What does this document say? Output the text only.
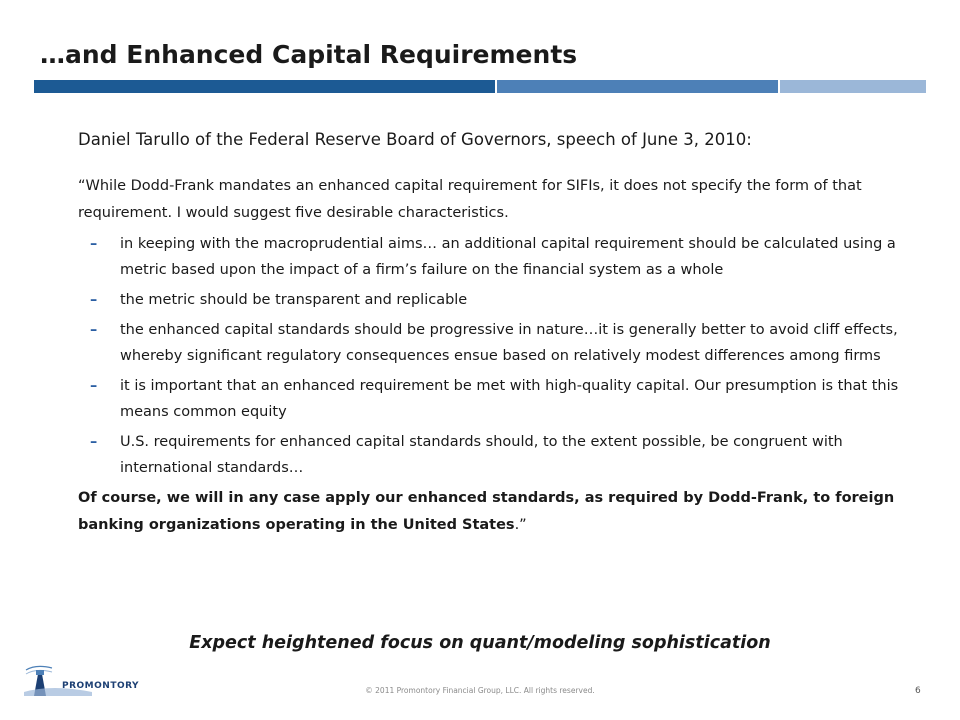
…and Enhanced Capital Requirements

Daniel Tarullo of the Federal Reserve Board of Governors, speech of June 3, 2010:

“While Dodd-Frank mandates an enhanced capital requirement for SIFIs, it does not specify the form of that requirement. I would suggest five desirable characteristics.

– in keeping with the macroprudential aims… an additional capital requirement should be calculated using a metric based upon the impact of a firm’s failure on the financial system as a whole
– the metric should be transparent and replicable
– the enhanced capital standards should be progressive in nature…it is generally better to avoid cliff effects, whereby significant regulatory consequences ensue based on relatively modest differences among firms
– it is important that an enhanced requirement be met with high-quality capital. Our presumption is that this means common equity
– U.S. requirements for enhanced capital standards should, to the extent possible, be congruent with international standards…

Of course, we will in any case apply our enhanced standards, as required by Dodd-Frank, to foreign banking organizations operating in the United States.”

Expect heightened focus on quant/modeling sophistication

PROMONTORY	© 2011 Promontory Financial Group, LLC. All rights reserved.	6
